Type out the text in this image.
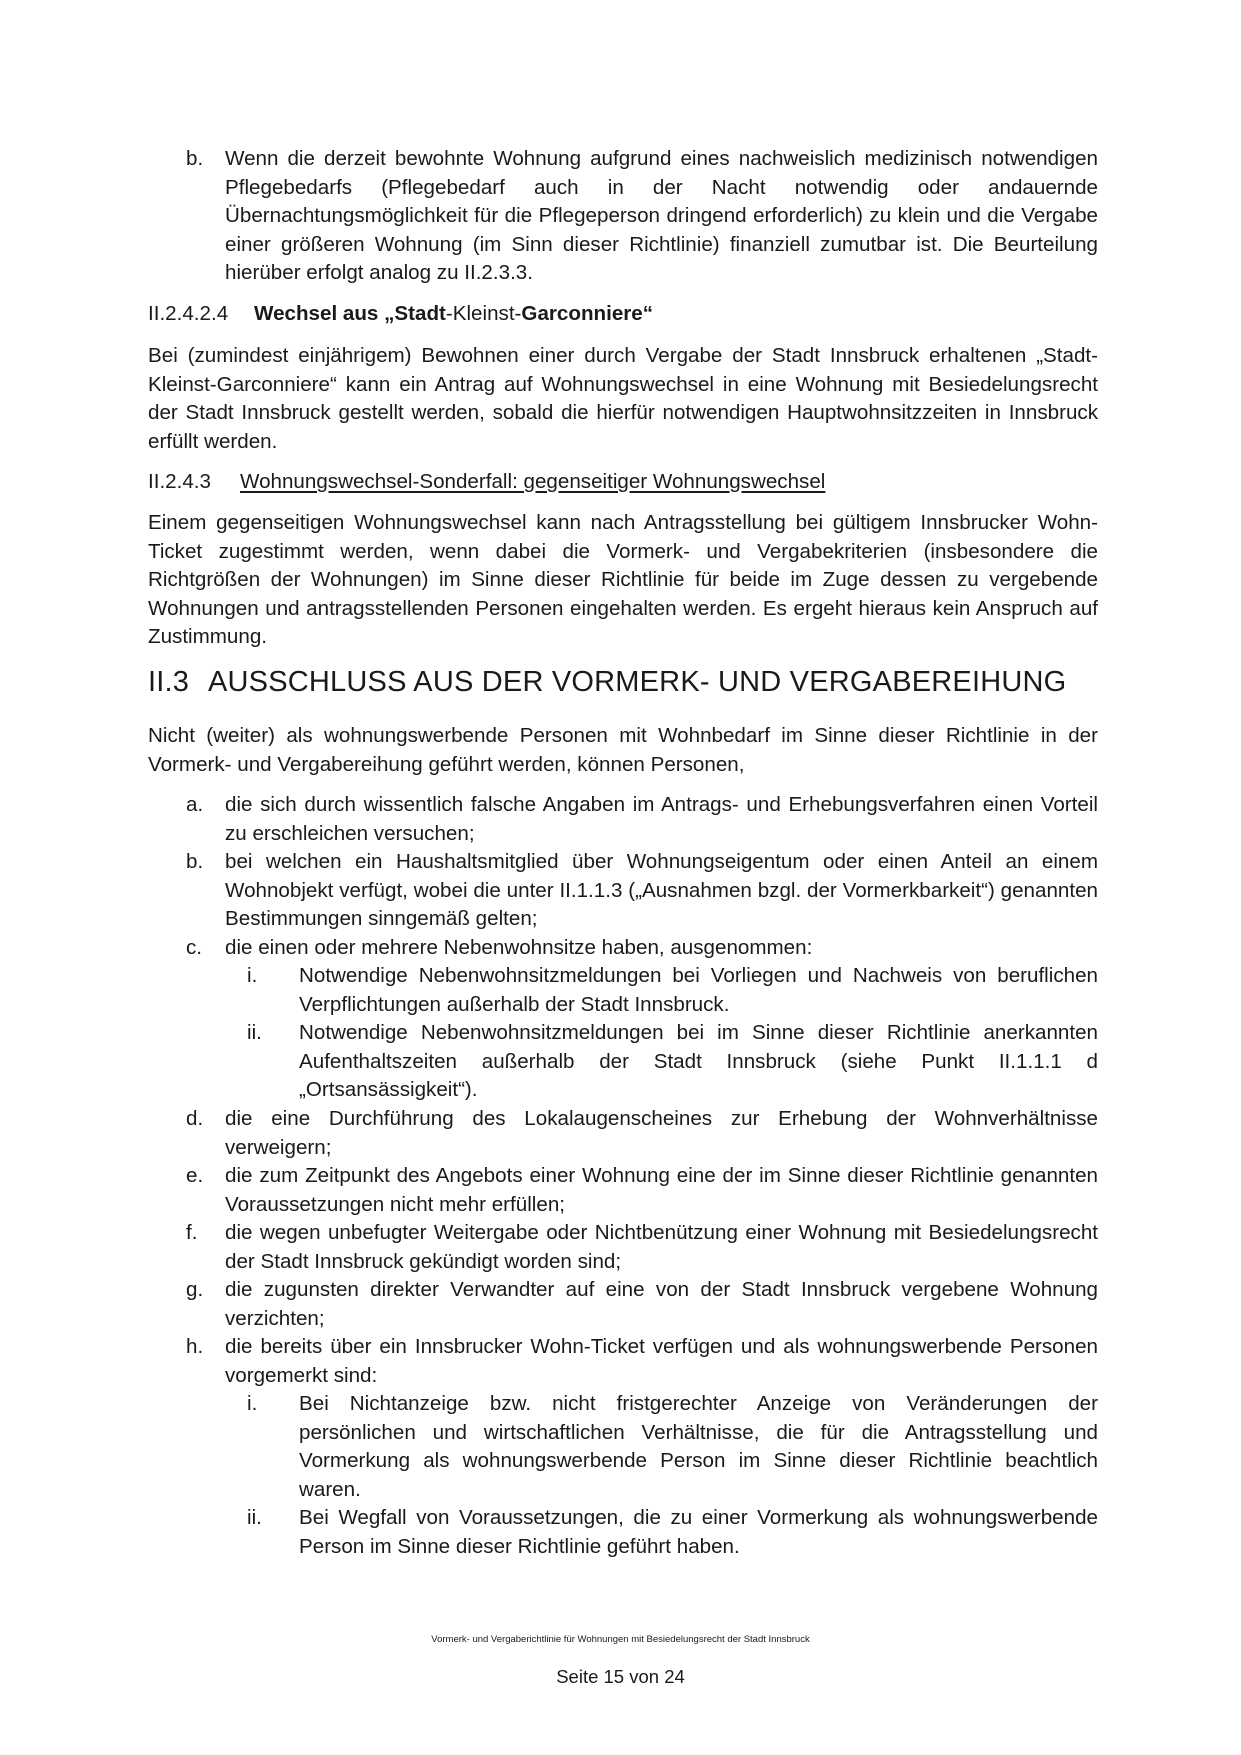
b. Wenn die derzeit bewohnte Wohnung aufgrund eines nachweislich medizinisch notwendigen Pflegebedarfs (Pflegebedarf auch in der Nacht notwendig oder andauernde Übernachtungsmöglichkeit für die Pflegeperson dringend erforderlich) zu klein und die Vergabe einer größeren Wohnung (im Sinn dieser Richtlinie) finanziell zumutbar ist. Die Beurteilung hierüber erfolgt analog zu II.2.3.3.
II.2.4.2.4 Wechsel aus „Stadt-Kleinst-Garconniere“
Bei (zumindest einjährigem) Bewohnen einer durch Vergabe der Stadt Innsbruck erhaltenen „Stadt-Kleinst-Garconniere“ kann ein Antrag auf Wohnungswechsel in eine Wohnung mit Besiedelungsrecht der Stadt Innsbruck gestellt werden, sobald die hierfür notwendigen Hauptwohnsitzzeiten in Innsbruck erfüllt werden.
II.2.4.3 Wohnungswechsel-Sonderfall: gegenseitiger Wohnungswechsel
Einem gegenseitigen Wohnungswechsel kann nach Antragsstellung bei gültigem Innsbrucker Wohn-Ticket zugestimmt werden, wenn dabei die Vormerk- und Vergabekriterien (insbesondere die Richtgrößen der Wohnungen) im Sinne dieser Richtlinie für beide im Zuge dessen zu vergebende Wohnungen und antragsstellenden Personen eingehalten werden. Es ergeht hieraus kein Anspruch auf Zustimmung.
II.3 AUSSCHLUSS AUS DER VORMERK- UND VERGABEREIHUNG
Nicht (weiter) als wohnungswerbende Personen mit Wohnbedarf im Sinne dieser Richtlinie in der Vormerk- und Vergabereihung geführt werden, können Personen,
a. die sich durch wissentlich falsche Angaben im Antrags- und Erhebungsverfahren einen Vorteil zu erschleichen versuchen;
b. bei welchen ein Haushaltsmitglied über Wohnungseigentum oder einen Anteil an einem Wohnobjekt verfügt, wobei die unter II.1.1.3 („Ausnahmen bzgl. der Vormerkbarkeit“) genannten Bestimmungen sinngemäß gelten;
c. die einen oder mehrere Nebenwohnsitze haben, ausgenommen:
i. Notwendige Nebenwohnsitzmeldungen bei Vorliegen und Nachweis von beruflichen Verpflichtungen außerhalb der Stadt Innsbruck.
ii. Notwendige Nebenwohnsitzmeldungen bei im Sinne dieser Richtlinie anerkannten Aufenthaltszeiten außerhalb der Stadt Innsbruck (siehe Punkt II.1.1.1 d „Ortsansässigkeit“).
d. die eine Durchführung des Lokalaugenscheines zur Erhebung der Wohnverhältnisse verweigern;
e. die zum Zeitpunkt des Angebots einer Wohnung eine der im Sinne dieser Richtlinie genannten Voraussetzungen nicht mehr erfüllen;
f. die wegen unbefugter Weitergabe oder Nichtbenützung einer Wohnung mit Besiedelungsrecht der Stadt Innsbruck gekündigt worden sind;
g. die zugunsten direkter Verwandter auf eine von der Stadt Innsbruck vergebene Wohnung verzichten;
h. die bereits über ein Innsbrucker Wohn-Ticket verfügen und als wohnungswerbende Personen vorgemerkt sind:
i. Bei Nichtanzeige bzw. nicht fristgerechter Anzeige von Veränderungen der persönlichen und wirtschaftlichen Verhältnisse, die für die Antragsstellung und Vormerkung als wohnungswerbende Person im Sinne dieser Richtlinie beachtlich waren.
ii. Bei Wegfall von Voraussetzungen, die zu einer Vormerkung als wohnungswerbende Person im Sinne dieser Richtlinie geführt haben.
Vormerk- und Vergaberichtlinie für Wohnungen mit Besiedelungsrecht der Stadt Innsbruck
Seite 15 von 24
